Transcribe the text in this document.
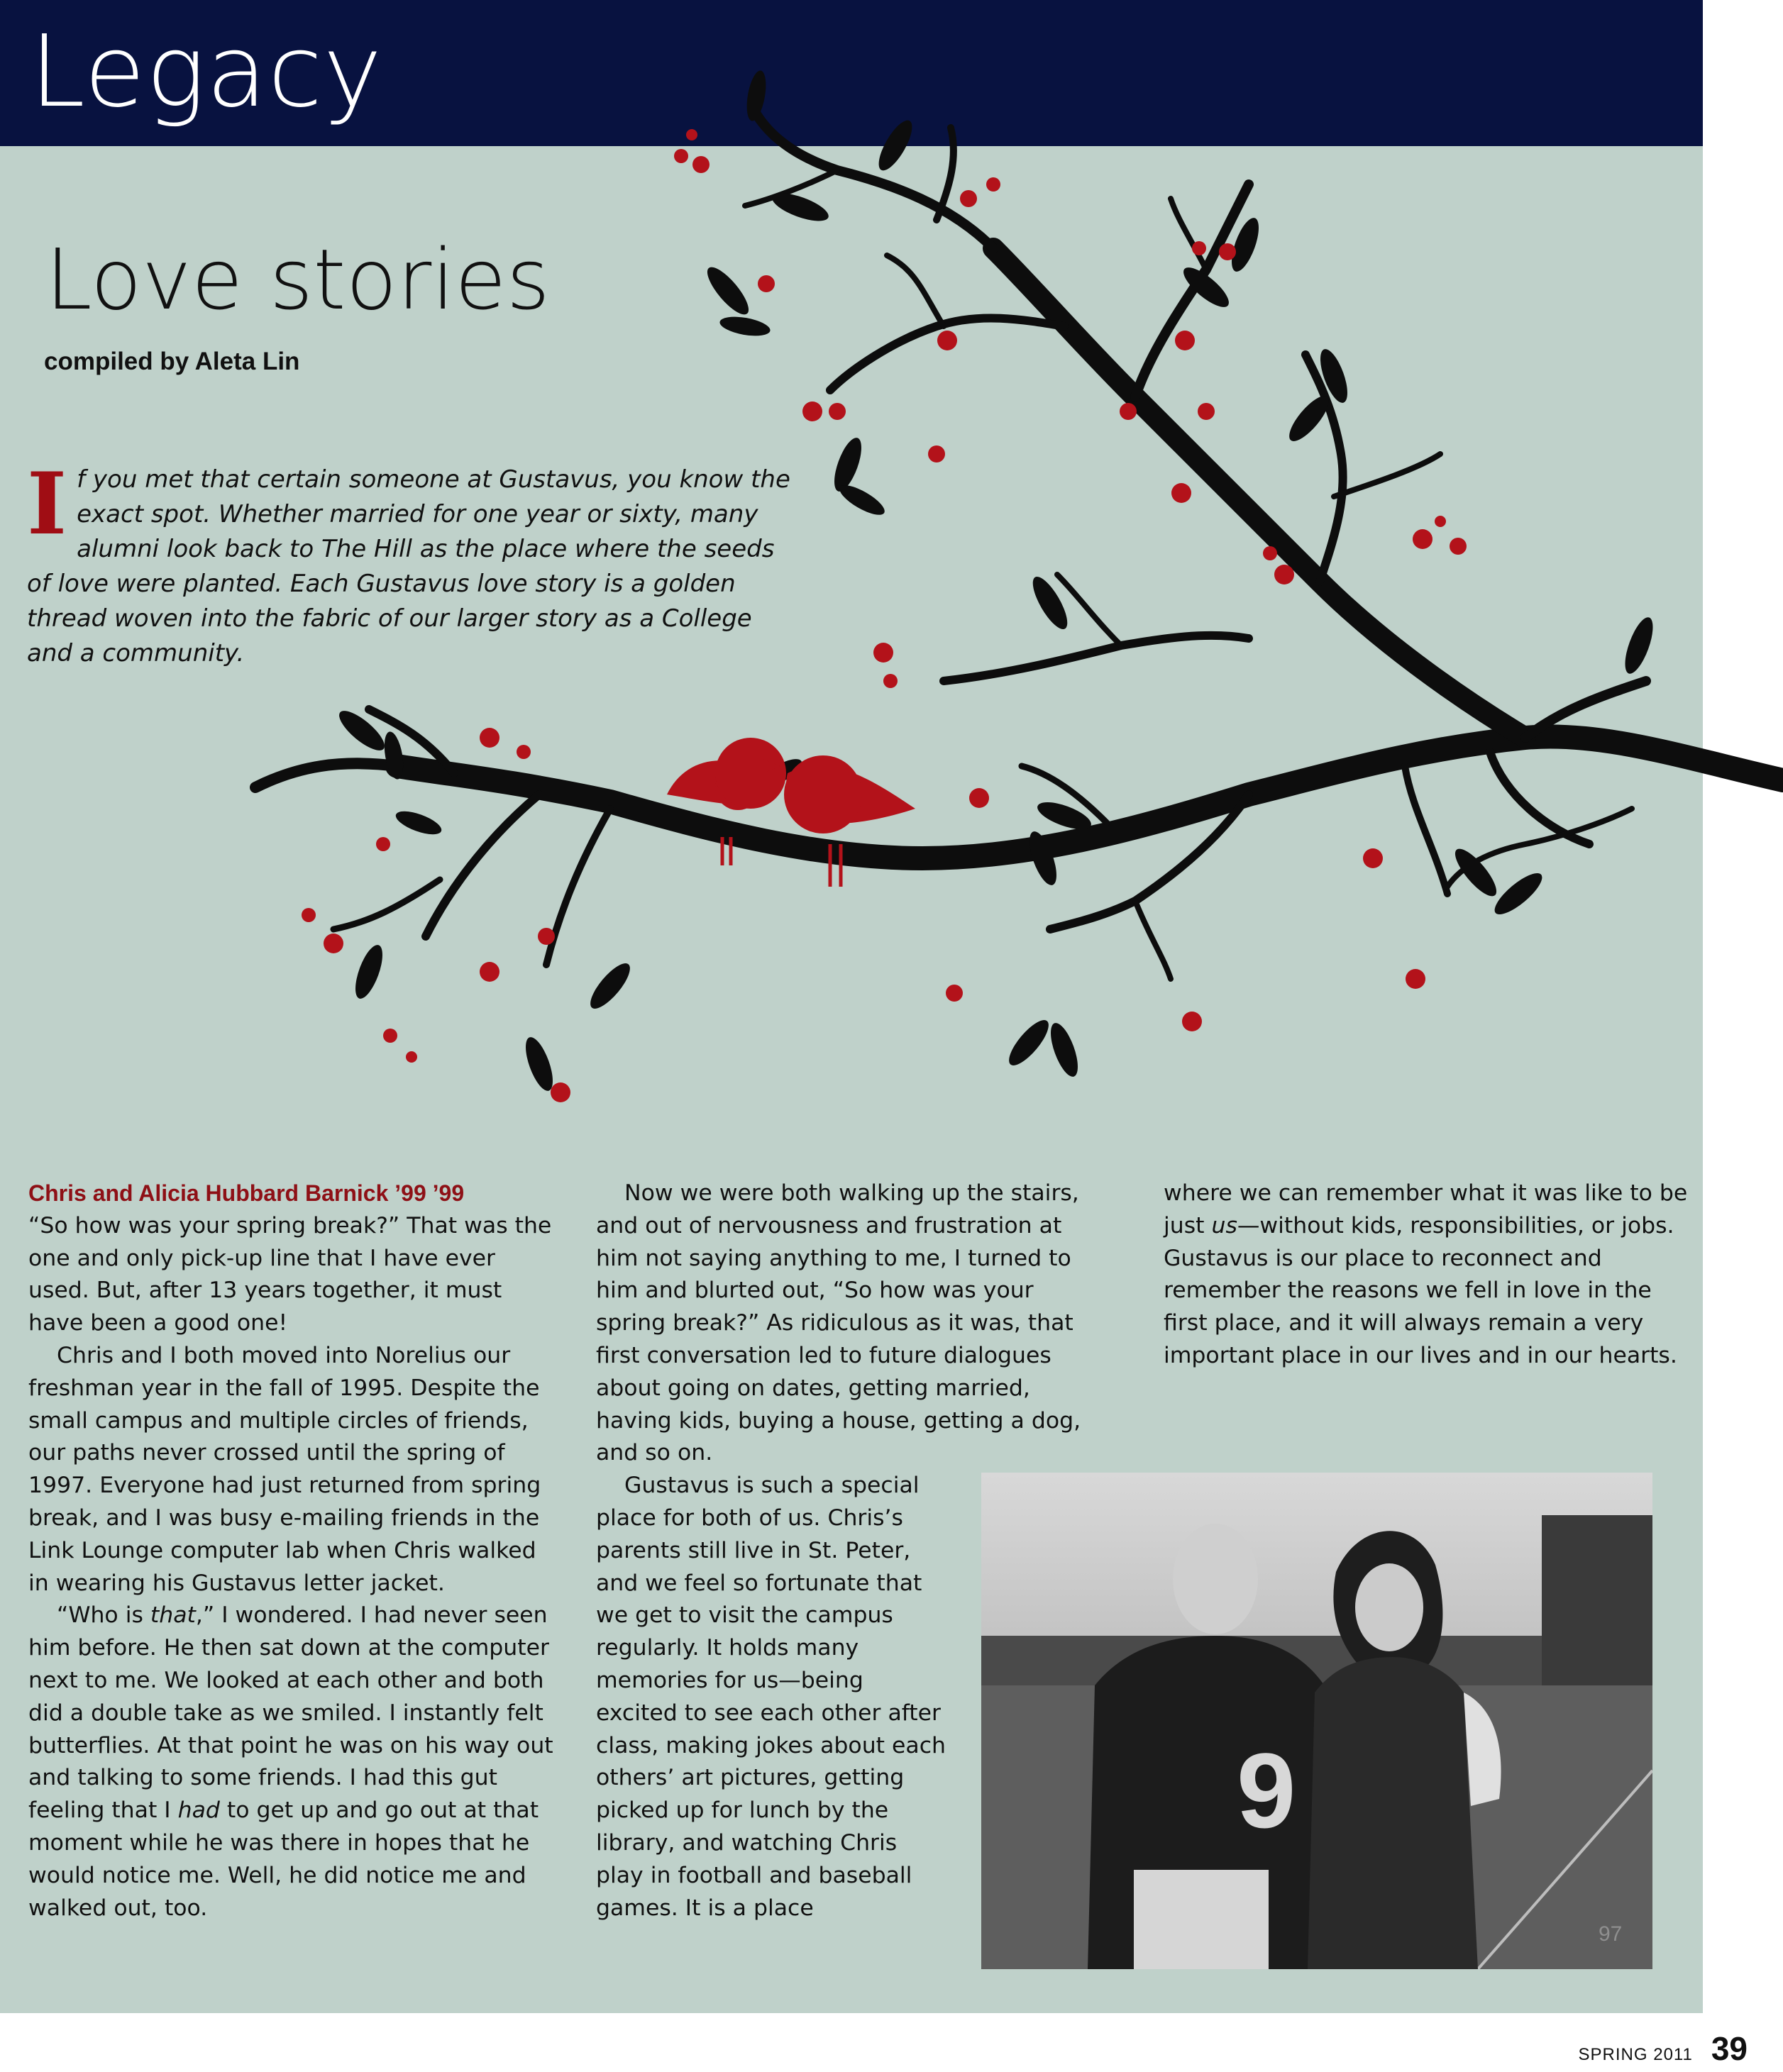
Legacy
Love stories
compiled by Aleta Lin
I f you met that certain someone at Gustavus, you know the exact spot. Whether married for one year or sixty, many alumni look back to The Hill as the place where the seeds of love were planted. Each Gustavus love story is a golden thread woven into the fabric of our larger story as a College and a community.

Chris and Alicia Hubbard Barnick ’99 ’99

“So how was your spring break?” That was the one and only pick-up line that I have ever used. But, after 13 years together, it must have been a good one!

Chris and I both moved into Norelius our freshman year in the fall of 1995. Despite the small campus and multiple circles of friends, our paths never crossed until the spring of 1997. Everyone had just returned from spring break, and I was busy e-mailing friends in the Link Lounge computer lab when Chris walked in wearing his Gustavus letter jacket.

“Who is that,” I wondered. I had never seen him before. He then sat down at the computer next to me. We looked at each other and both did a double take as we smiled. I instantly felt butterflies. At that point he was on his way out and talking to some friends. I had this gut feeling that I had to get up and go out at that moment while he was there in hopes that he would notice me. Well, he did notice me and walked out, too.

Now we were both walking up the stairs, and out of nervousness and frustration at him not saying anything to me, I turned to him and blurted out, “So how was your spring break?” As ridiculous as it was, that first conversation led to future dialogues about going on dates, getting married, having kids, buying a house, getting a dog, and so on.

Gustavus is such a special place for both of us. Chris’s parents still live in St. Peter, and we feel so fortunate that we get to visit the campus regularly. It holds many memories for us—being excited to see each other after class, making jokes about each others’ art pictures, getting picked up for lunch by the library, and watching Chris play in football and baseball games. It is a place

where we can remember what it was like to be just us—without kids, responsibilities, or jobs. Gustavus is our place to reconnect and remember the reasons we fell in love in the first place, and it will always remain a very important place in our lives and in our hearts.

9
97
SPRING 2011 39
